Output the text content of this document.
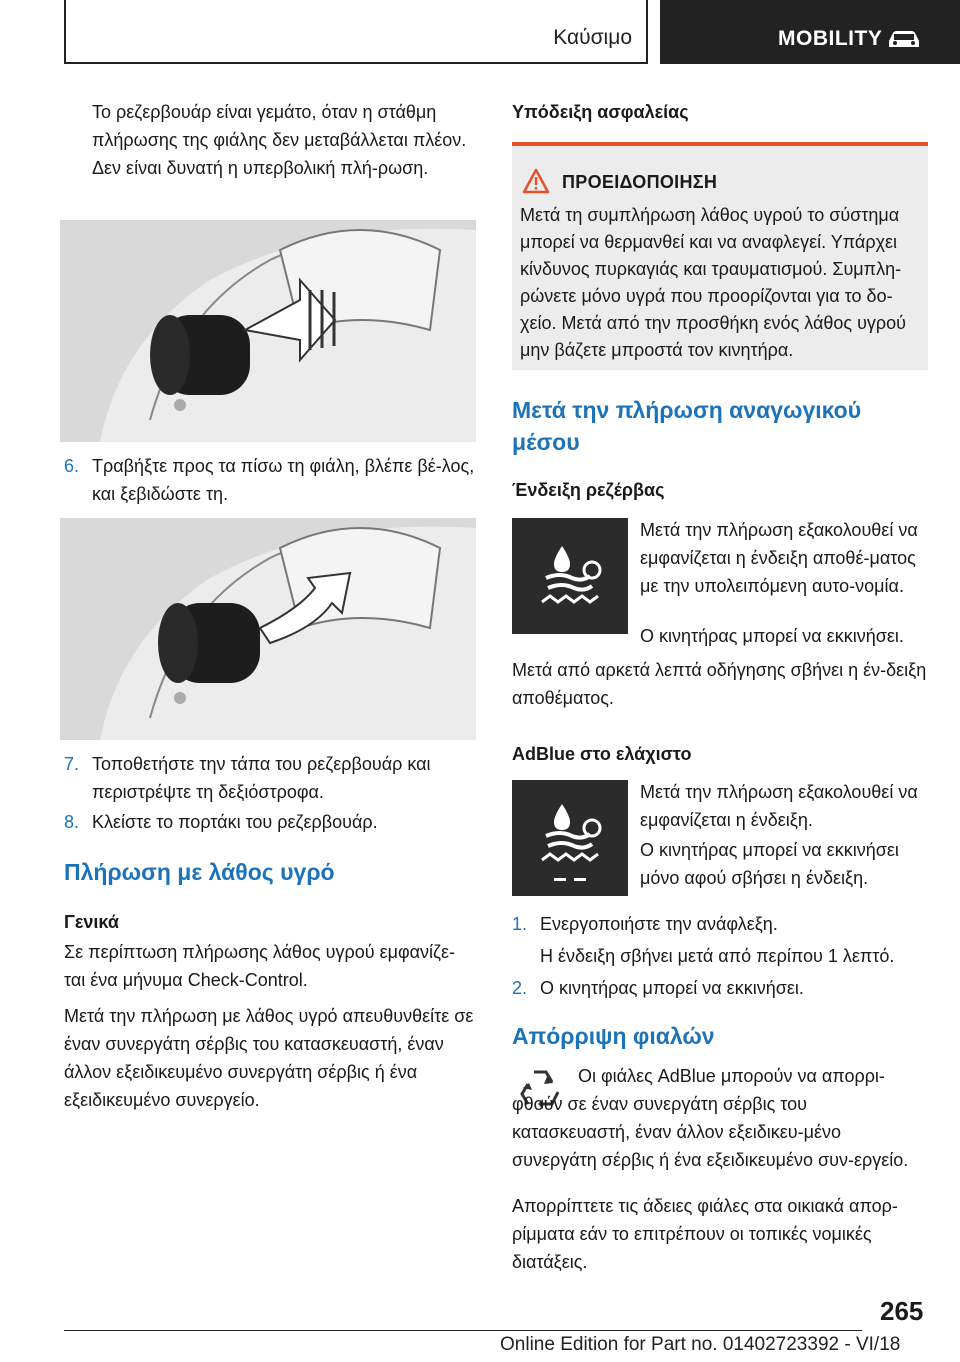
Καύσιμο	MOBILITY

Το ρεζερβουάρ είναι γεμάτο, όταν η στάθμη πλήρωσης της φιάλης δεν μεταβάλλεται πλέον. Δεν είναι δυνατή η υπερβολική πλή-ρωση.

6. Τραβήξτε προς τα πίσω τη φιάλη, βλέπε βέ-λος, και ξεβιδώστε τη.
7. Τοποθετήστε την τάπα του ρεζερβουάρ και περιστρέψτε τη δεξιόστροφα.
8. Κλείστε το πορτάκι του ρεζερβουάρ.
Πλήρωση με λάθος υγρό
Γενικά

Σε περίπτωση πλήρωσης λάθος υγρού εμφανίζε-ται ένα μήνυμα Check-Control.

Μετά την πλήρωση με λάθος υγρό απευθυνθείτε σε έναν συνεργάτη σέρβις του κατασκευαστή, έναν άλλον εξειδικευμένο συνεργάτη σέρβις ή ένα εξειδικευμένο συνεργείο.

Υπόδειξη ασφαλείας
ΠΡΟΕΙΔΟΠΟΙΗΣΗ
Μετά τη συμπλήρωση λάθος υγρού το σύστημα μπορεί να θερμανθεί και να αναφλεγεί. Υπάρχει κίνδυνος πυρκαγιάς και τραυματισμού. Συμπλη-ρώνετε μόνο υγρά που προορίζονται για το δο-χείο. Μετά από την προσθήκη ενός λάθος υγρού μην βάζετε μπροστά τον κινητήρα.
Μετά την πλήρωση αναγωγικού μέσου
Ένδειξη ρεζέρβας

Μετά την πλήρωση εξακολουθεί να εμφανίζεται η ένδειξη αποθέ-ματος με την υπολειπόμενη αυτο-νομία.

Ο κινητήρας μπορεί να εκκινήσει.

Μετά από αρκετά λεπτά οδήγησης σβήνει η έν-δειξη αποθέματος.

AdBlue στο ελάχιστο

Μετά την πλήρωση εξακολουθεί να εμφανίζεται η ένδειξη.

Ο κινητήρας μπορεί να εκκινήσει μόνο αφού σβήσει η ένδειξη.

1. Ενεργοποιήστε την ανάφλεξη.
Η ένδειξη σβήνει μετά από περίπου 1 λεπτό.
2. Ο κινητήρας μπορεί να εκκινήσει.
Απόρριψη φιαλών

Οι φιάλες AdBlue μπορούν να απορρι-φθούν σε έναν συνεργάτη σέρβις του κατασκευαστή, έναν άλλον εξειδικευ-μένο συνεργάτη σέρβις ή ένα εξειδικευμένο συν-εργείο.

Απορρίπτετε τις άδειες φιάλες στα οικιακά απορ-ρίμματα εάν το επιτρέπουν οι τοπικές νομικές διατάξεις.

265
Online Edition for Part no. 01402723392 - VI/18
